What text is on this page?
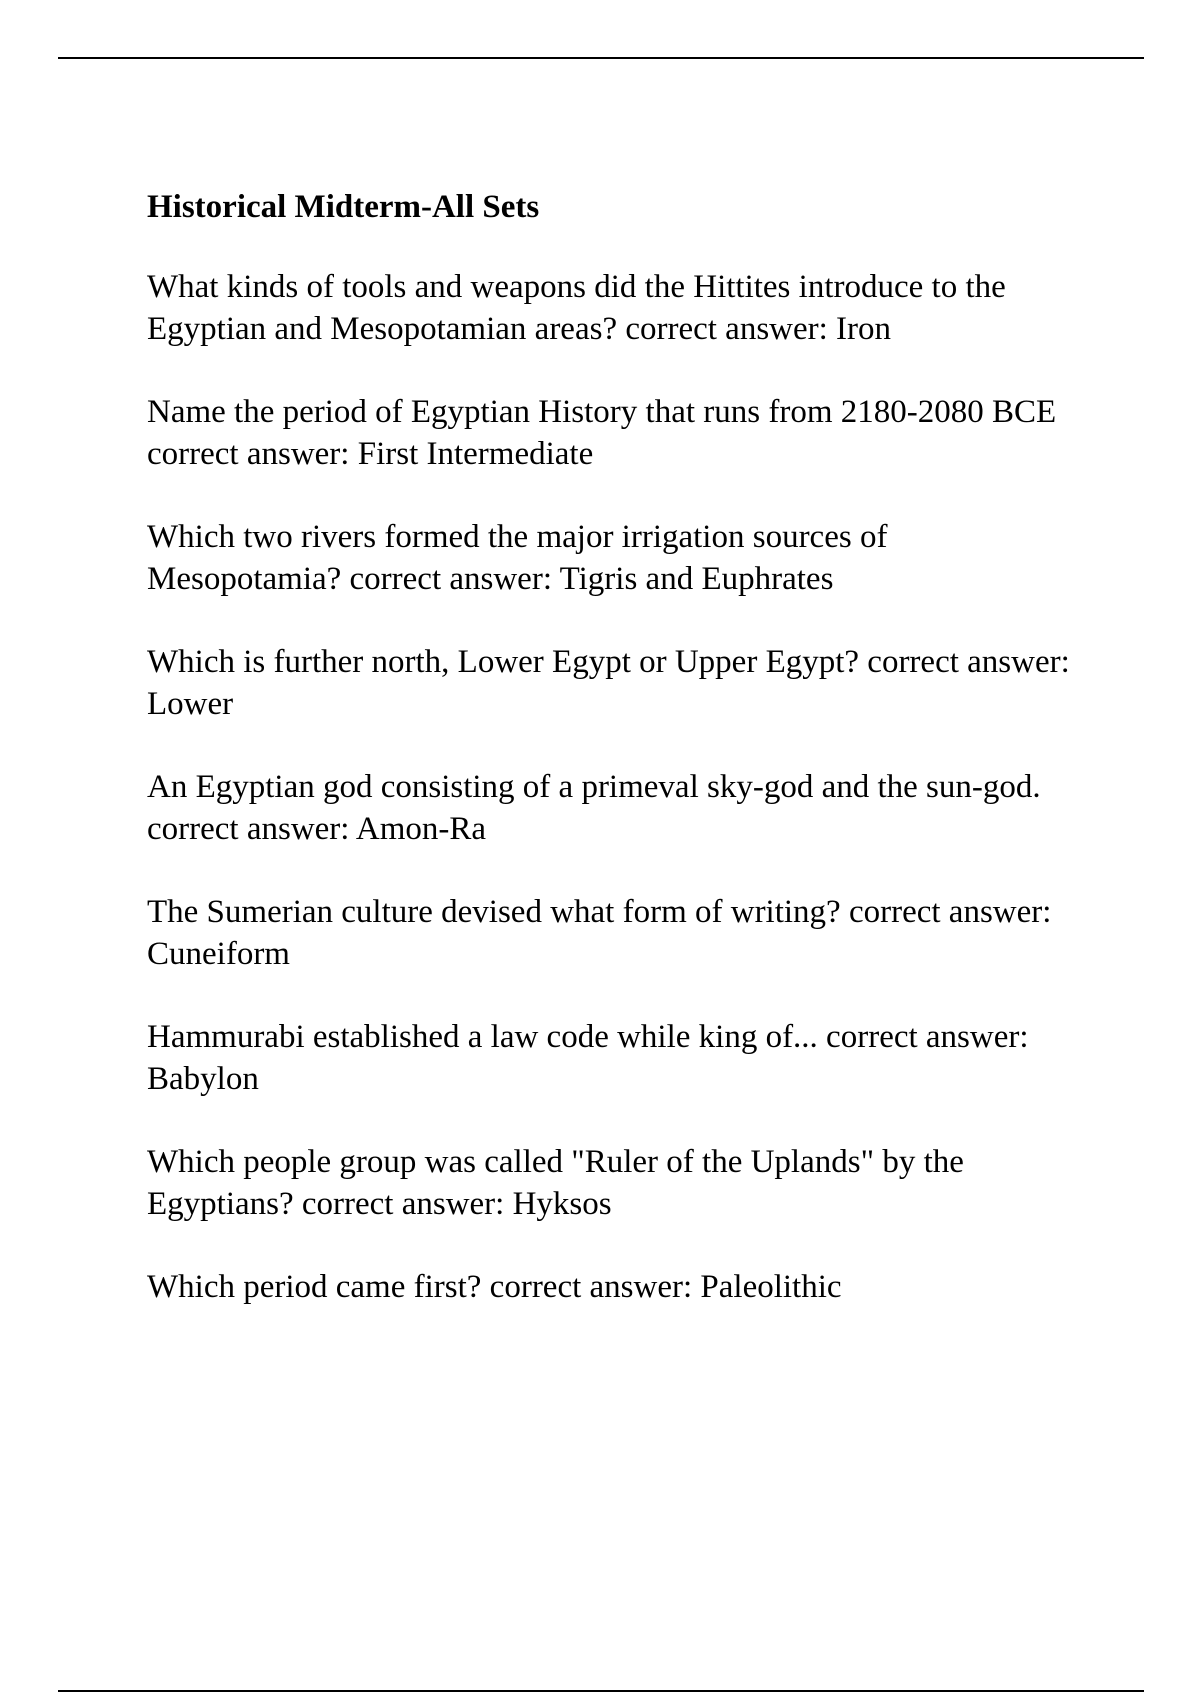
Historical Midterm-All Sets
What kinds of tools and weapons did the Hittites introduce to the Egyptian and Mesopotamian areas? correct answer: Iron
Name the period of Egyptian History that runs from 2180-2080 BCE correct answer: First Intermediate
Which two rivers formed the major irrigation sources of Mesopotamia? correct answer: Tigris and Euphrates
Which is further north, Lower Egypt or Upper Egypt? correct answer: Lower
An Egyptian god consisting of a primeval sky-god and the sun-god. correct answer: Amon-Ra
The Sumerian culture devised what form of writing? correct answer: Cuneiform
Hammurabi established a law code while king of... correct answer: Babylon
Which people group was called "Ruler of the Uplands" by the Egyptians? correct answer: Hyksos
Which period came first? correct answer: Paleolithic
